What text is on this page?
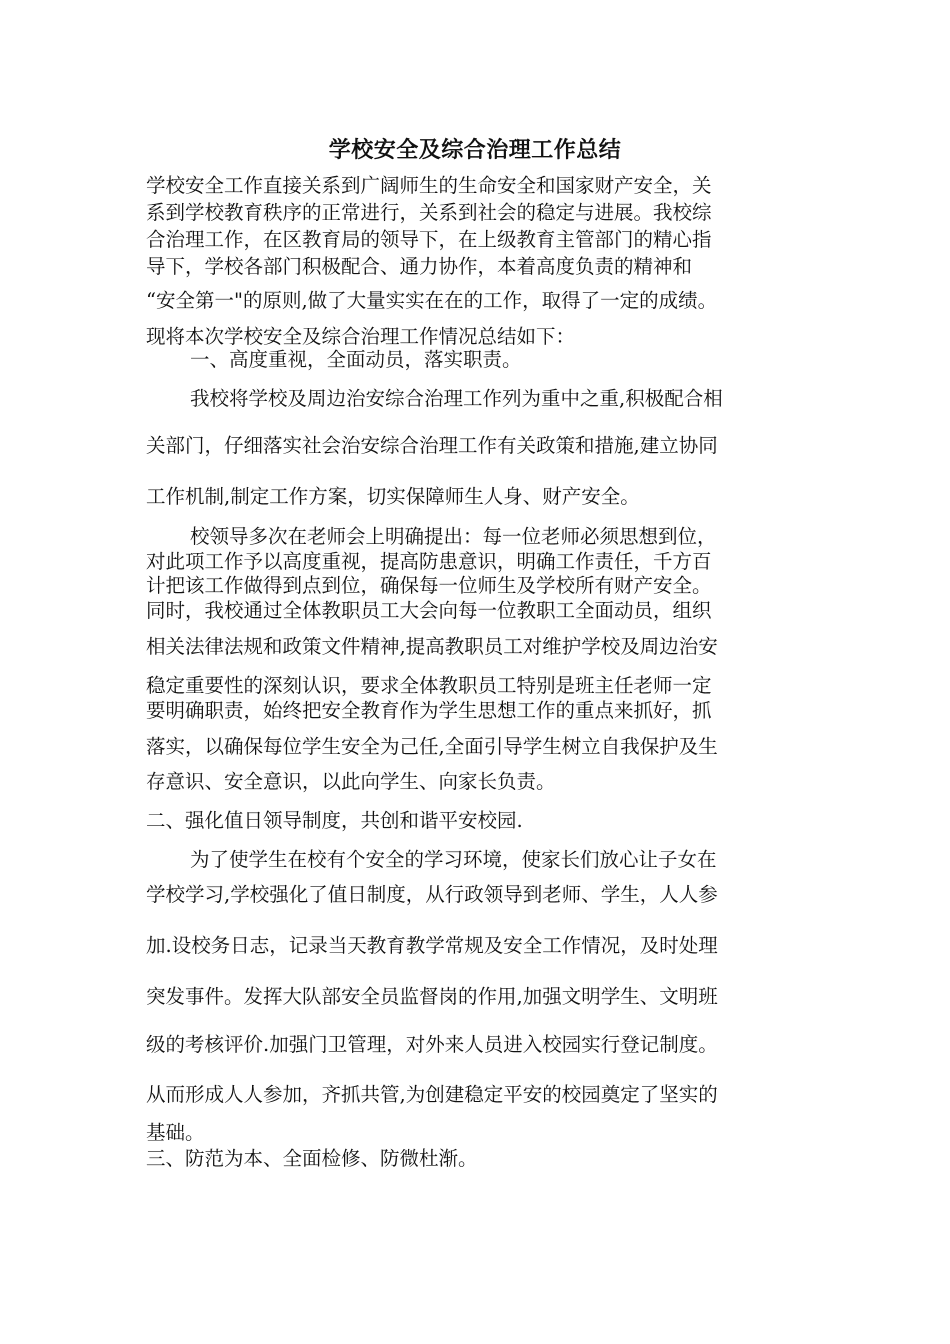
学校安全及综合治理工作总结
学校安全工作直接关系到广阔师生的生命安全和国家财产安全，关
系到学校教育秩序的正常进行，关系到社会的稳定与进展。我校综
合治理工作，在区教育局的领导下，在上级教育主管部门的精心指
导下，学校各部门积极配合、通力协作，本着高度负责的精神和
“安全第一"的原则,做了大量实实在在的工作，取得了一定的成绩。
现将本次学校安全及综合治理工作情况总结如下：
一、高度重视，全面动员，落实职责。
我校将学校及周边治安综合治理工作列为重中之重,积极配合相
关部门，仔细落实社会治安综合治理工作有关政策和措施,建立协同
工作机制,制定工作方案，切实保障师生人身、财产安全。
校领导多次在老师会上明确提出：每一位老师必须思想到位，
对此项工作予以高度重视，提高防患意识，明确工作责任，千方百
计把该工作做得到点到位，确保每一位师生及学校所有财产安全。
同时，我校通过全体教职员工大会向每一位教职工全面动员，组织
相关法律法规和政策文件精神,提高教职员工对维护学校及周边治安
稳定重要性的深刻认识，要求全体教职员工特别是班主任老师一定
要明确职责，始终把安全教育作为学生思想工作的重点来抓好，抓
落实，以确保每位学生安全为己任,全面引导学生树立自我保护及生
存意识、安全意识，以此向学生、向家长负责。
二、强化值日领导制度，共创和谐平安校园.
为了使学生在校有个安全的学习环境，使家长们放心让子女在
学校学习,学校强化了值日制度，从行政领导到老师、学生，人人参
加.设校务日志，记录当天教育教学常规及安全工作情况，及时处理
突发事件。发挥大队部安全员监督岗的作用,加强文明学生、文明班
级的考核评价.加强门卫管理，对外来人员进入校园实行登记制度。
从而形成人人参加，齐抓共管,为创建稳定平安的校园奠定了坚实的
基础。
三、防范为本、全面检修、防微杜渐。
